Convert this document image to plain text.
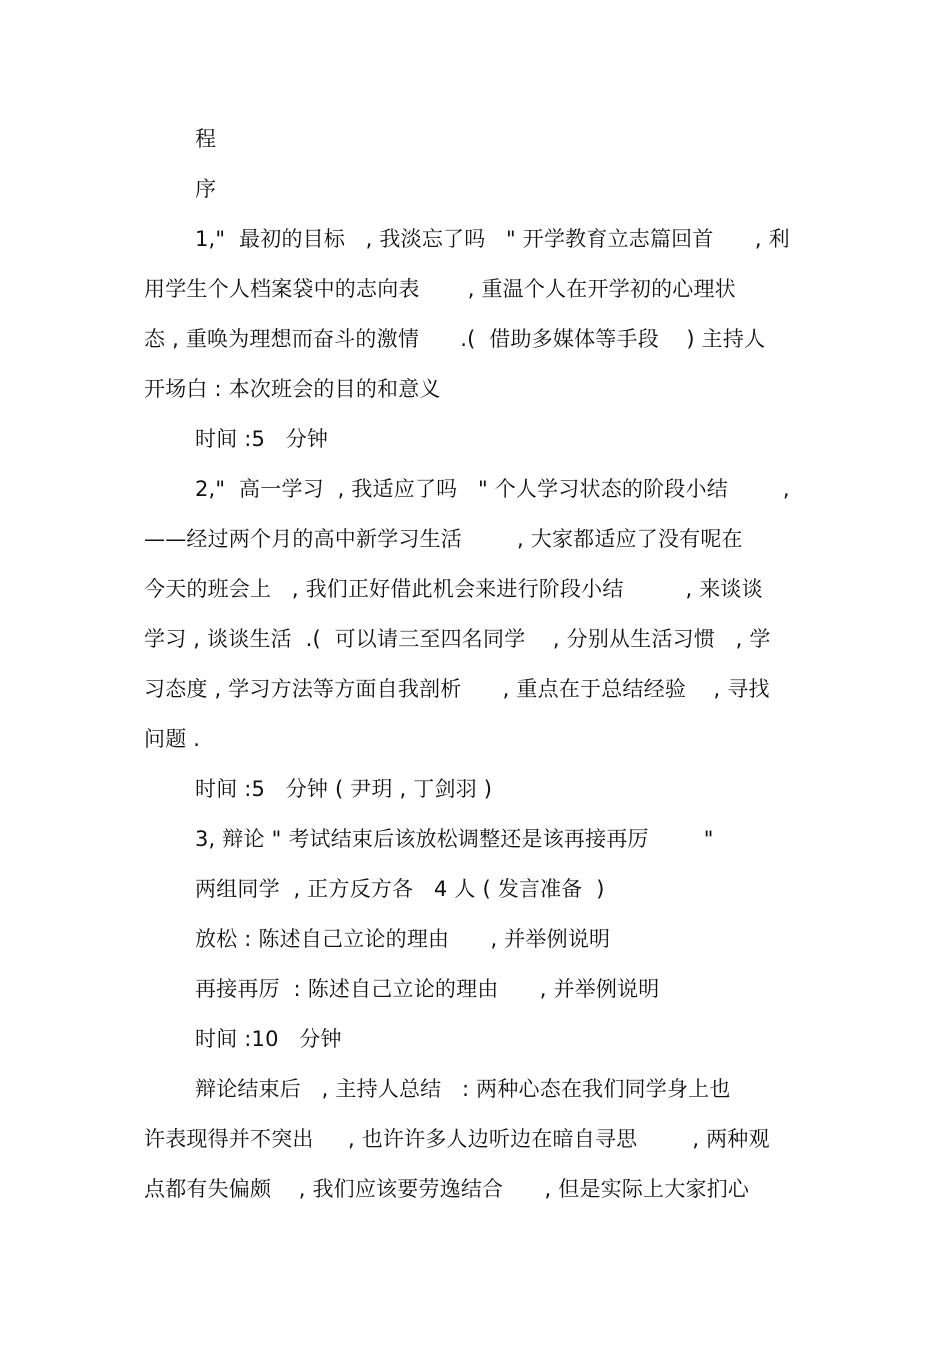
程
序
1,"  最初的目标   , 我淡忘了吗   " 开学教育立志篇回首      , 利
用学生个人档案袋中的志向表       , 重温个人在开学初的心理状
态 , 重唤为理想而奋斗的激情      .(  借助多媒体等手段    ) 主持人
开场白 : 本次班会的目的和意义
时间 :5   分钟
2,"  高一学习  , 我适应了吗   " 个人学习状态的阶段小结        ,
——经过两个月的高中新学习生活        , 大家都适应了没有呢在
今天的班会上   , 我们正好借此机会来进行阶段小结         , 来谈谈
学习 , 谈谈生活  .(  可以请三至四名同学    , 分别从生活习惯   , 学
习态度 , 学习方法等方面自我剖析      , 重点在于总结经验    , 寻找
问题 .
时间 :5   分钟 ( 尹玥 , 丁剑羽 )
3, 辩论 " 考试结束后该放松调整还是该再接再厉        "
两组同学  , 正方反方各   4 人 ( 发言准备  )
放松 : 陈述自己立论的理由      , 并举例说明
再接再厉  : 陈述自己立论的理由      , 并举例说明
时间 :10   分钟
辩论结束后   , 主持人总结   : 两种心态在我们同学身上也
许表现得并不突出     , 也许许多人边听边在暗自寻思        , 两种观
点都有失偏颇    , 我们应该要劳逸结合      , 但是实际上大家扪心
